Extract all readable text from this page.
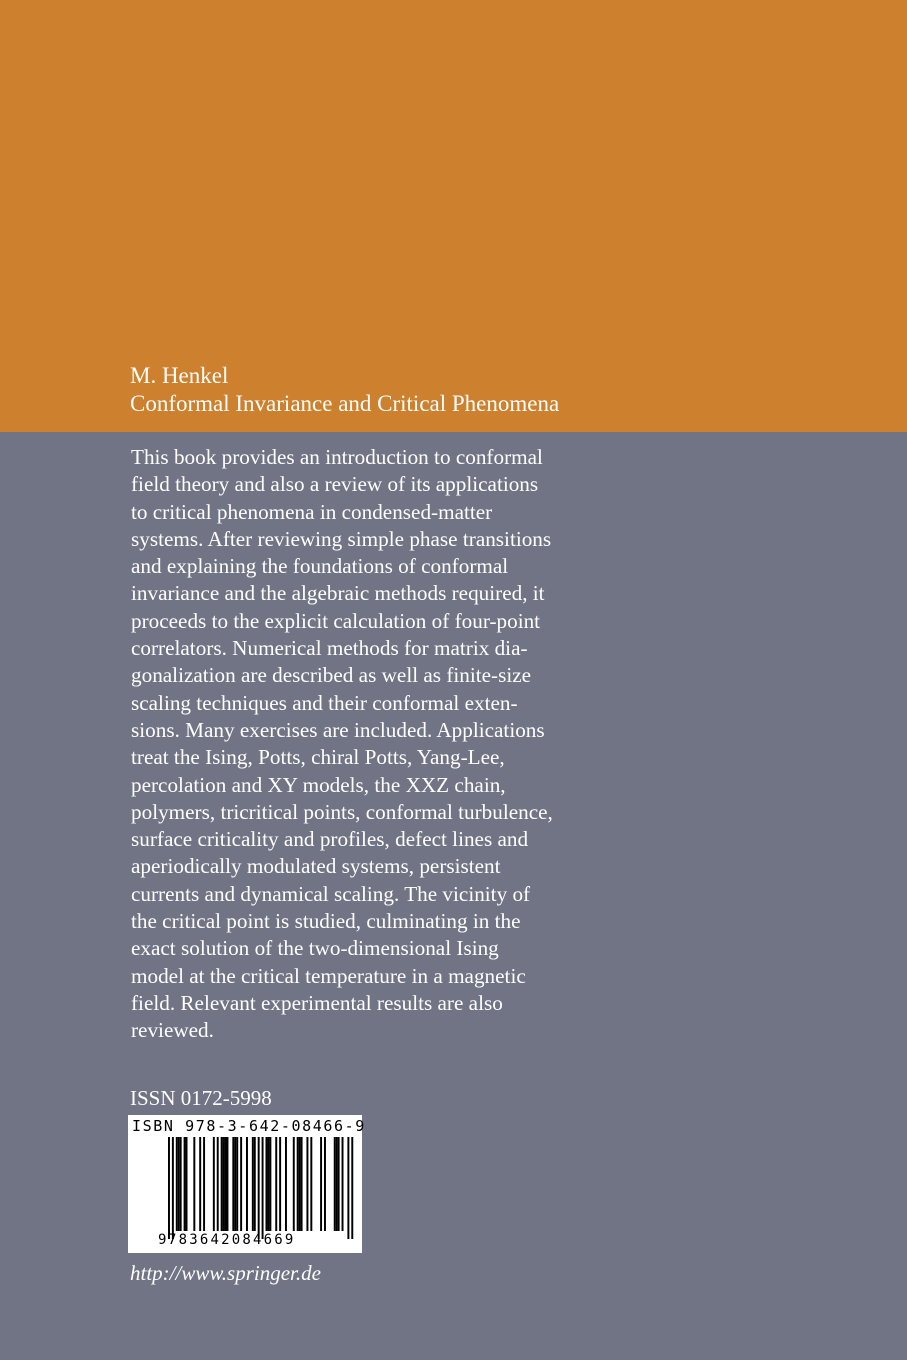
M. Henkel
Conformal Invariance and Critical Phenomena
This book provides an introduction to conformal
field theory and also a review of its applications
to critical phenomena in condensed-matter
systems. After reviewing simple phase transitions
and explaining the foundations of conformal
invariance and the algebraic methods required, it
proceeds to the explicit calculation of four-point
correlators. Numerical methods for matrix dia-
gonalization are described as well as finite-size
scaling techniques and their conformal exten-
sions. Many exercises are included. Applications
treat the Ising, Potts, chiral Potts, Yang-Lee,
percolation and XY models, the XXZ chain,
polymers, tricritical points, conformal turbulence,
surface criticality and profiles, defect lines and
aperiodically modulated systems, persistent
currents and dynamical scaling. The vicinity of
the critical point is studied, culminating in the
exact solution of the two-dimensional Ising
model at the critical temperature in a magnetic
field. Relevant experimental results are also
reviewed.
ISSN 0172-5998
ISBN 978-3-642-08466-9
9 783642084669
http://www.springer.de
